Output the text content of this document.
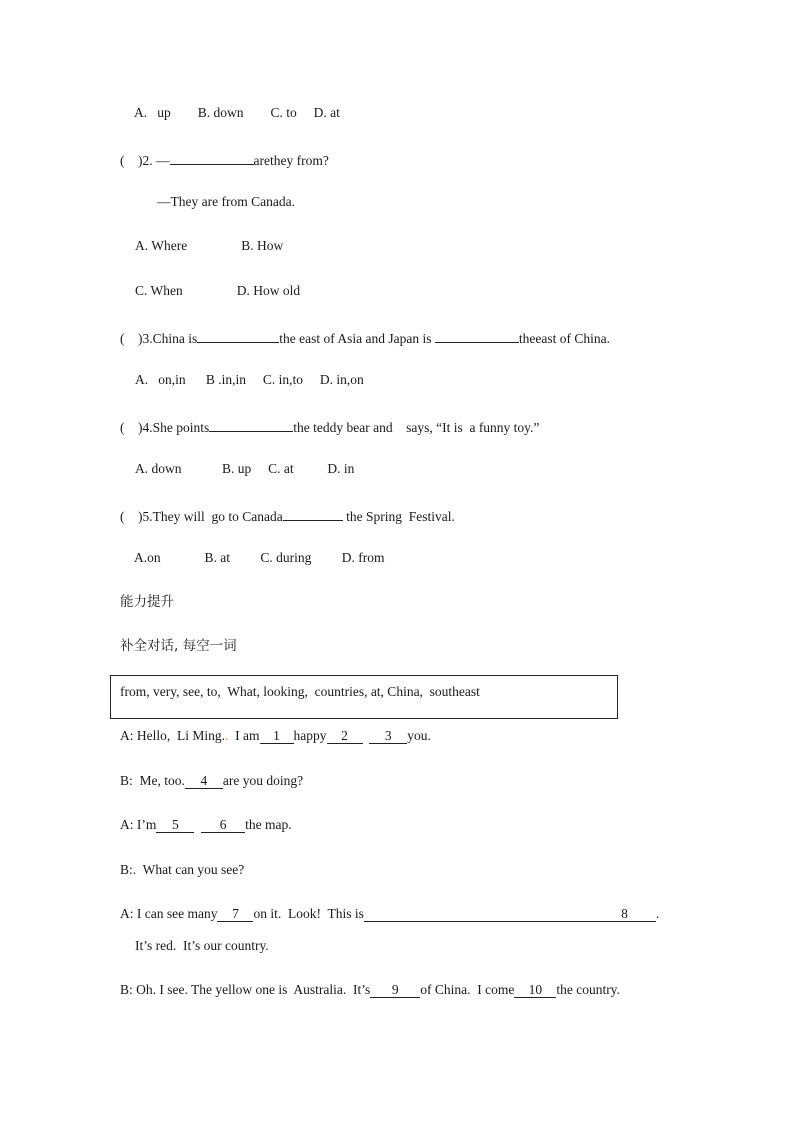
A.   up        B. down        C. to     D. at
(    )2. —	arethey from?
—They are from Canada.
A. Where                B. How
C. When                D. How old
(    )3.China is	the east of Asia and Japan is	theeast of China.
A.   on,in      B .in,in     C. in,to     D. in,on
(    )4.She points	the teddy bear and    says, “It is  a funny toy.”
A. down            B. up     C. at          D. in
(    )5.They will  go to Canada	the Spring  Festival.
A.on             B. at         C. during         D. from
能力提升
补全对话, 每空一词
from, very, see, to,  What, looking,  countries, at, China,  southeast
A: Hello,  Li Ming..  I am 1 happy 2	3 you.
B:  Me, too. 4 are you doing?
A: I’m 5	6 the map.
B:.  What can you see?
A: I can see many 7 on it.  Look!  This is	8 .
It’s red.  It’s our country.
B: Oh. I see. The yellow one is  Australia.  It’s 9 of China.  I come 10 the country.
